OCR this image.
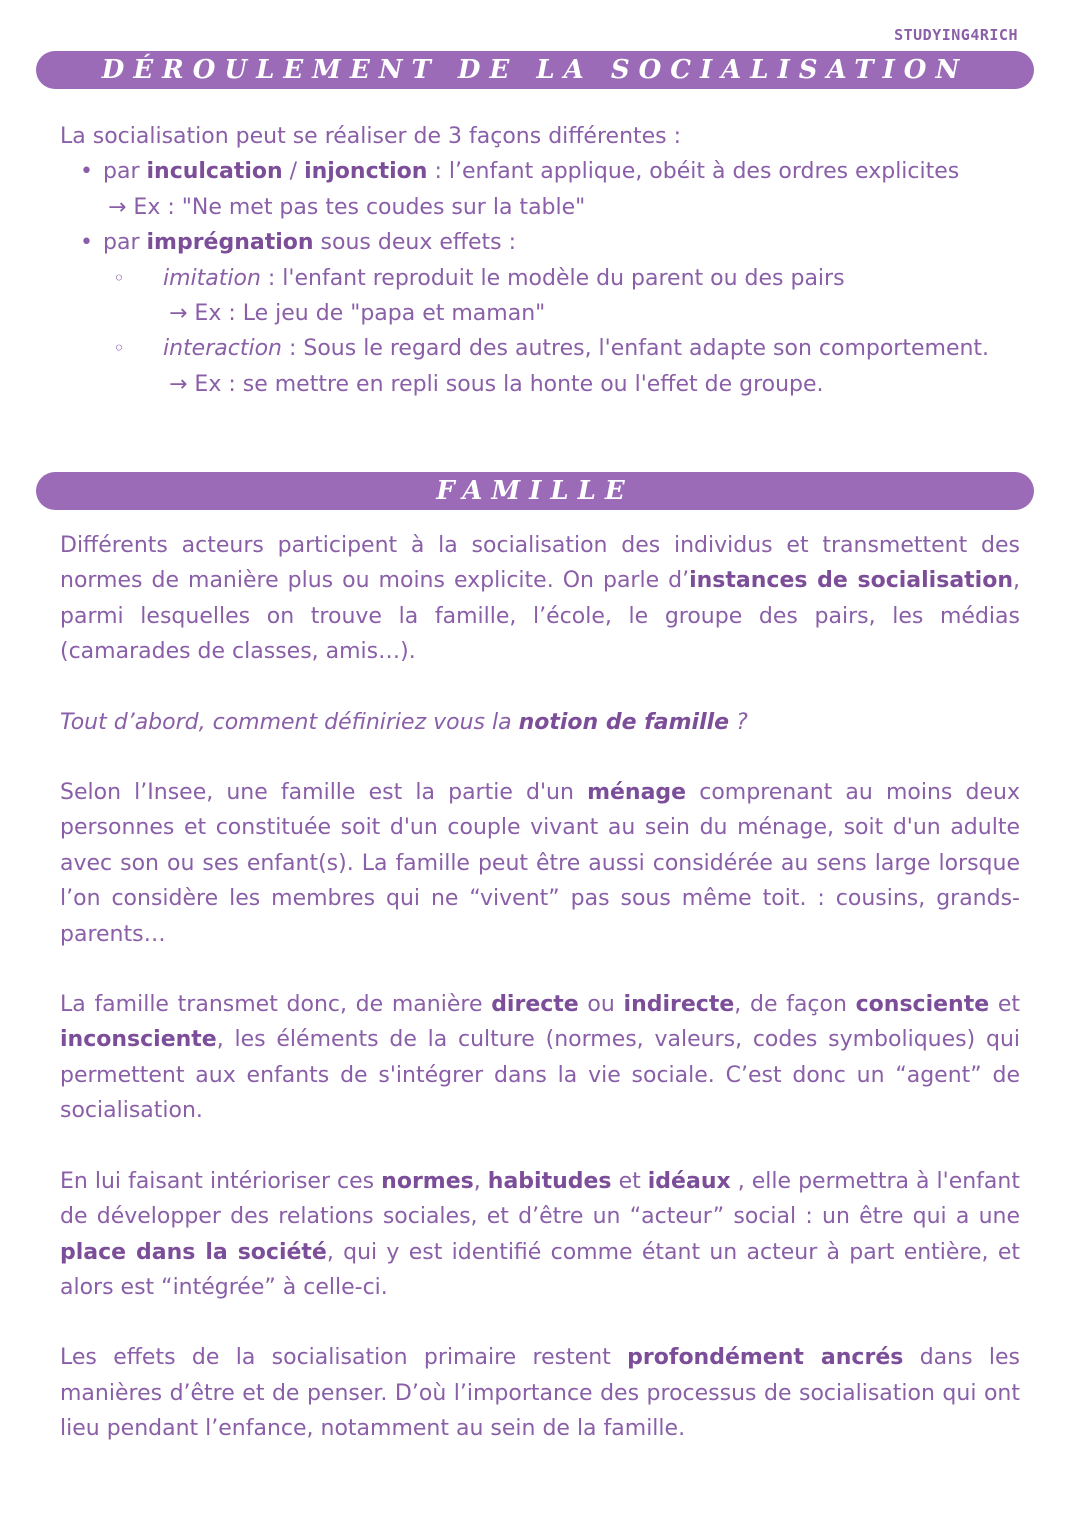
STUDYING4RICH
DÉROULEMENT DE LA SOCIALISATION

La socialisation peut se réaliser de 3 façons différentes :

• par inculcation / injonction : l’enfant applique, obéit à des ordres explicites
→ Ex : "Ne met pas tes coudes sur la table"
• par imprégnation sous deux effets :
◦ imitation : l'enfant reproduit le modèle du parent ou des pairs
→ Ex : Le jeu de "papa et maman"
◦ interaction : Sous le regard des autres, l'enfant adapte son comportement.
→ Ex : se mettre en repli sous la honte ou l'effet de groupe.
FAMILLE

Différents acteurs participent à la socialisation des individus et transmettent des normes de manière plus ou moins explicite. On parle d’instances de socialisation, parmi lesquelles on trouve la famille, l’école, le groupe des pairs, les médias (camarades de classes, amis…).

Tout d’abord, comment définiriez vous la notion de famille ?

Selon l’Insee, une famille est la partie d'un ménage comprenant au moins deux personnes et constituée soit d'un couple vivant au sein du ménage, soit d'un adulte avec son ou ses enfant(s). La famille peut être aussi considérée au sens large lorsque l’on considère les membres qui ne “vivent” pas sous même toit. : cousins, grands-parents…

La famille transmet donc, de manière directe ou indirecte, de façon consciente et inconsciente, les éléments de la culture (normes, valeurs, codes symboliques) qui permettent aux enfants de s'intégrer dans la vie sociale. C’est donc un “agent” de socialisation.

En lui faisant intérioriser ces normes, habitudes et idéaux , elle permettra à l'enfant de développer des relations sociales, et d’être un “acteur” social : un être qui a une place dans la société, qui y est identifié comme étant un acteur à part entière, et alors est “intégrée” à celle-ci.

Les effets de la socialisation primaire restent profondément ancrés dans les manières d’être et de penser. D’où l’importance des processus de socialisation qui ont lieu pendant l’enfance, notamment au sein de la famille.
